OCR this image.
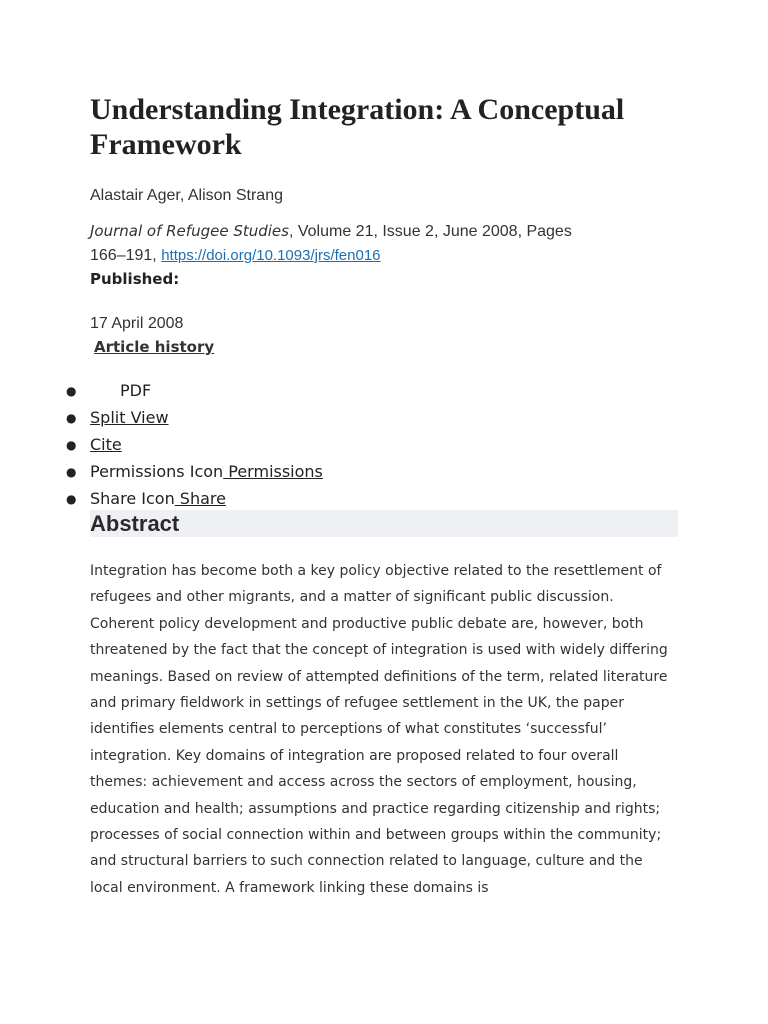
Understanding Integration: A Conceptual Framework
Alastair Ager, Alison Strang
Journal of Refugee Studies, Volume 21, Issue 2, June 2008, Pages 166–191, https://doi.org/10.1093/jrs/fen016
Published:
17 April 2008
Article history
●	PDF
● Split View
● Cite
● Permissions Icon Permissions
● Share Icon Share
Abstract

Integration has become both a key policy objective related to the resettlement of refugees and other migrants, and a matter of significant public discussion. Coherent policy development and productive public debate are, however, both threatened by the fact that the concept of integration is used with widely differing meanings. Based on review of attempted definitions of the term, related literature and primary fieldwork in settings of refugee settlement in the UK, the paper identifies elements central to perceptions of what constitutes ‘successful’ integration. Key domains of integration are proposed related to four overall themes: achievement and access across the sectors of employment, housing, education and health; assumptions and practice regarding citizenship and rights; processes of social connection within and between groups within the community; and structural barriers to such connection related to language, culture and the local environment. A framework linking these domains is
